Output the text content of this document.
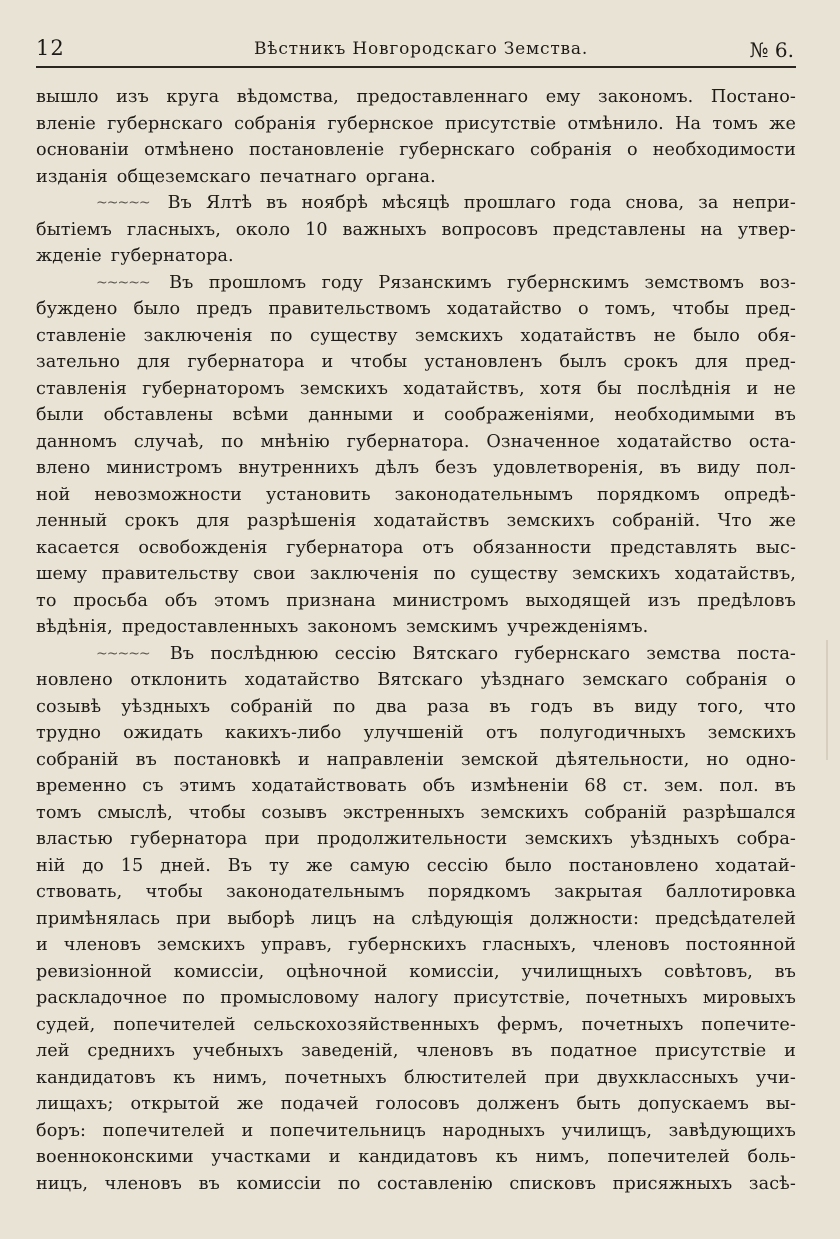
12	Вѣстникъ Новгородскаго Земства.	№ 6.
вышло изъ круга вѣдомства, предоставленнаго ему закономъ. Постано-
вленіе губернскаго собранія губернское присутствіе отмѣнило. На томъ же
основаніи отмѣнено постановленіе губернскаго собранія о необходимости
изданія общеземскаго печатнаго органа.
~~~~~ Въ Ялтѣ въ ноябрѣ мѣсяцѣ прошлаго года снова, за непри-
бытіемъ гласныхъ, около 10 важныхъ вопросовъ представлены на утвер-
жденіе губернатора.
~~~~~ Въ прошломъ году Рязанскимъ губернскимъ земствомъ воз-
буждено было предъ правительствомъ ходатайство о томъ, чтобы пред-
ставленіе заключенія по существу земскихъ ходатайствъ не было обя-
зательно для губернатора и чтобы установленъ былъ срокъ для пред-
ставленія губернаторомъ земскихъ ходатайствъ, хотя бы послѣднія и не
были обставлены всѣми данными и соображеніями, необходимыми въ
данномъ случаѣ, по мнѣнію губернатора. Означенное ходатайство оста-
влено министромъ внутреннихъ дѣлъ безъ удовлетворенія, въ виду пол-
ной невозможности установить законодательнымъ порядкомъ опредѣ-
ленный срокъ для разрѣшенія ходатайствъ земскихъ собраній. Что же
касается освобожденія губернатора отъ обязанности представлять выс-
шему правительству свои заключенія по существу земскихъ ходатайствъ,
то просьба объ этомъ признана министромъ выходящей изъ предѣловъ
вѣдѣнія, предоставленныхъ закономъ земскимъ учрежденіямъ.
~~~~~ Въ послѣднюю сессію Вятскаго губернскаго земства поста-
новлено отклонить ходатайство Вятскаго уѣзднаго земскаго собранія о
созывѣ уѣздныхъ собраній по два раза въ годъ въ виду того, что
трудно ожидать какихъ-либо улучшеній отъ полугодичныхъ земскихъ
собраній въ постановкѣ и направленіи земской дѣятельности, но одно-
временно съ этимъ ходатайствовать объ измѣненіи 68 ст. зем. пол. въ
томъ смыслѣ, чтобы созывъ экстренныхъ земскихъ собраній разрѣшался
властью губернатора при продолжительности земскихъ уѣздныхъ собра-
ній до 15 дней. Въ ту же самую сессію было постановлено ходатай-
ствовать, чтобы законодательнымъ порядкомъ закрытая баллотировка
примѣнялась при выборѣ лицъ на слѣдующія должности: предсѣдателей
и членовъ земскихъ управъ, губернскихъ гласныхъ, членовъ постоянной
ревизіонной комиссіи, оцѣночной комиссіи, училищныхъ совѣтовъ, въ
раскладочное по промысловому налогу присутствіе, почетныхъ мировыхъ
судей, попечителей сельскохозяйственныхъ фермъ, почетныхъ попечите-
лей среднихъ учебныхъ заведеній, членовъ въ податное присутствіе и
кандидатовъ къ нимъ, почетныхъ блюстителей при двухклассныхъ учи-
лищахъ; открытой же подачей голосовъ долженъ быть допускаемъ вы-
боръ: попечителей и попечительницъ народныхъ училищъ, завѣдующихъ
военноконскими участками и кандидатовъ къ нимъ, попечителей боль-
ницъ, членовъ въ комиссіи по составленію списковъ присяжныхъ засѣ-
